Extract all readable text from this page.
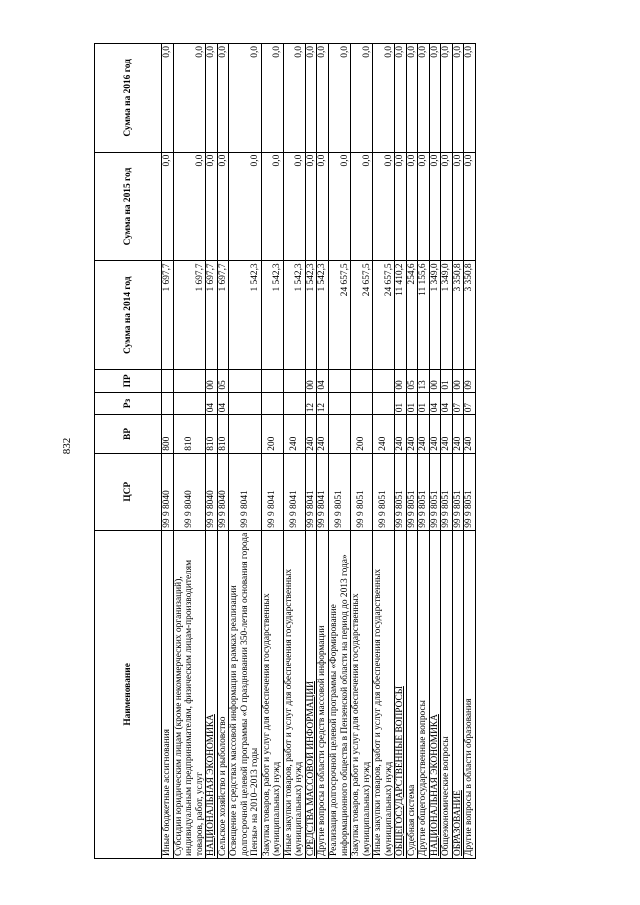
832
Наименование	ЦСР	ВР	Рз	ПР	Сумма на 2014 год	Сумма на 2015 год	Сумма на 2016 год
Иные бюджетные ассигнования	99 9 8040	800			1 697,7	0,0	0,0
Субсидии юридическим лицам (кроме некоммерческих организаций), индивидуальным предпринимателям, физическим лицам-производителям товаров, работ, услуг	99 9 8040	810			1 697,7	0,0	0,0
НАЦИОНАЛЬНАЯ ЭКОНОМИКА	99 9 8040	810	04	00	1 697,7	0,0	0,0
Сельское хозяйство и рыболовство	99 9 8040	810	04	05	1 697,7	0,0	0,0
Освещение в средствах массовой информации в рамках реализации долгосрочной целевой программы «О праздновании 350-летия основания города Пензы» на 2010–2013 годы	99 9 8041				1 542,3	0,0	0,0
Закупка товаров, работ и услуг для обеспечения государственных (муниципальных) нужд	99 9 8041	200			1 542,3	0,0	0,0
Иные закупки товаров, работ и услуг для обеспечения государственных (муниципальных) нужд	99 9 8041	240			1 542,3	0,0	0,0
СРЕДСТВА МАССОВОЙ ИНФОРМАЦИИ	99 9 8041	240	12	00	1 542,3	0,0	0,0
Другие вопросы в области средств массовой информации	99 9 8041	240	12	04	1 542,3	0,0	0,0
Реализация долгосрочной целевой программы «Формирование информационного общества в Пензенской области на период до 2013 года»	99 9 8051				24 657,5	0,0	0,0
Закупка товаров, работ и услуг для обеспечения государственных (муниципальных) нужд	99 9 8051	200			24 657,5	0,0	0,0
Иные закупки товаров, работ и услуг для обеспечения государственных (муниципальных) нужд	99 9 8051	240			24 657,5	0,0	0,0
ОБЩЕГОСУДАРСТВЕННЫЕ ВОПРОСЫ	99 9 8051	240	01	00	11 410,2	0,0	0,0
Судебная система	99 9 8051	240	01	05	254,6	0,0	0,0
Другие общегосударственные вопросы	99 9 8051	240	01	13	11 155,6	0,0	0,0
НАЦИОНАЛЬНАЯ ЭКОНОМИКА	99 9 8051	240	04	00	1 349,0	0,0	0,0
Общеэкономические вопросы	99 9 8051	240	04	01	1 349,0	0,0	0,0
ОБРАЗОВАНИЕ	99 9 8051	240	07	00	3 350,8	0,0	0,0
Другие вопросы в области образования	99 9 8051	240	07	09	3 350,8	0,0	0,0
